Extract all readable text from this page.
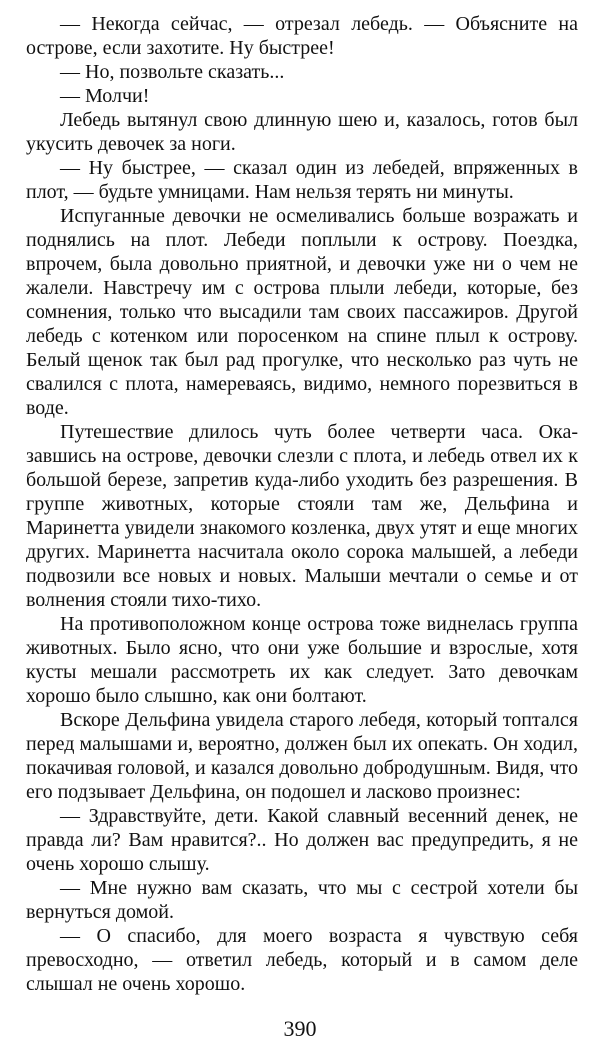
— Некогда сейчас, — отрезал лебедь. — Объясните на острове, если захотите. Ну быстрее!

— Но, позвольте сказать...

— Молчи!

Лебедь вытянул свою длинную шею и, казалось, готов был укусить девочек за ноги.

— Ну быстрее, — сказал один из лебедей, впряженных в плот, — будьте умницами. Нам нельзя терять ни минуты.

Испуганные девочки не осмеливались больше возражать и поднялись на плот. Лебеди поплыли к острову. Поездка, впрочем, была довольно приятной, и девочки уже ни о чем не жалели. Навстречу им с острова плыли лебеди, которые, без сомнения, только что высадили там своих пассажиров. Другой лебедь с котенком или поросенком на спине плыл к острову. Белый щенок так был рад прогулке, что несколько раз чуть не свалился с плота, намереваясь, видимо, немного порезвиться в воде.

Путешествие длилось чуть более четверти часа. Оказавшись на острове, девочки слезли с плота, и лебедь отвел их к большой березе, запретив куда-либо уходить без разрешения. В группе животных, которые стояли там же, Дельфина и Маринетта увидели знакомого козленка, двух утят и еще многих других. Маринетта насчитала около сорока малышей, а лебеди подвозили все новых и новых. Малыши мечтали о семье и от волнения стояли тихо-тихо.

На противоположном конце острова тоже виднелась группа животных. Было ясно, что они уже большие и взрослые, хотя кусты мешали рассмотреть их как следует. Зато девочкам хорошо было слышно, как они болтают.

Вскоре Дельфина увидела старого лебедя, который топтался перед малышами и, вероятно, должен был их опекать. Он ходил, покачивая головой, и казался довольно добродушным. Видя, что его подзывает Дельфина, он подошел и ласково произнес:

— Здравствуйте, дети. Какой славный весенний денек, не правда ли? Вам нравится?.. Но должен вас предупредить, я не очень хорошо слышу.

— Мне нужно вам сказать, что мы с сестрой хотели бы вернуться домой.

— О спасибо, для моего возраста я чувствую себя превосходно, — ответил лебедь, который и в самом деле слышал не очень хорошо.

390
